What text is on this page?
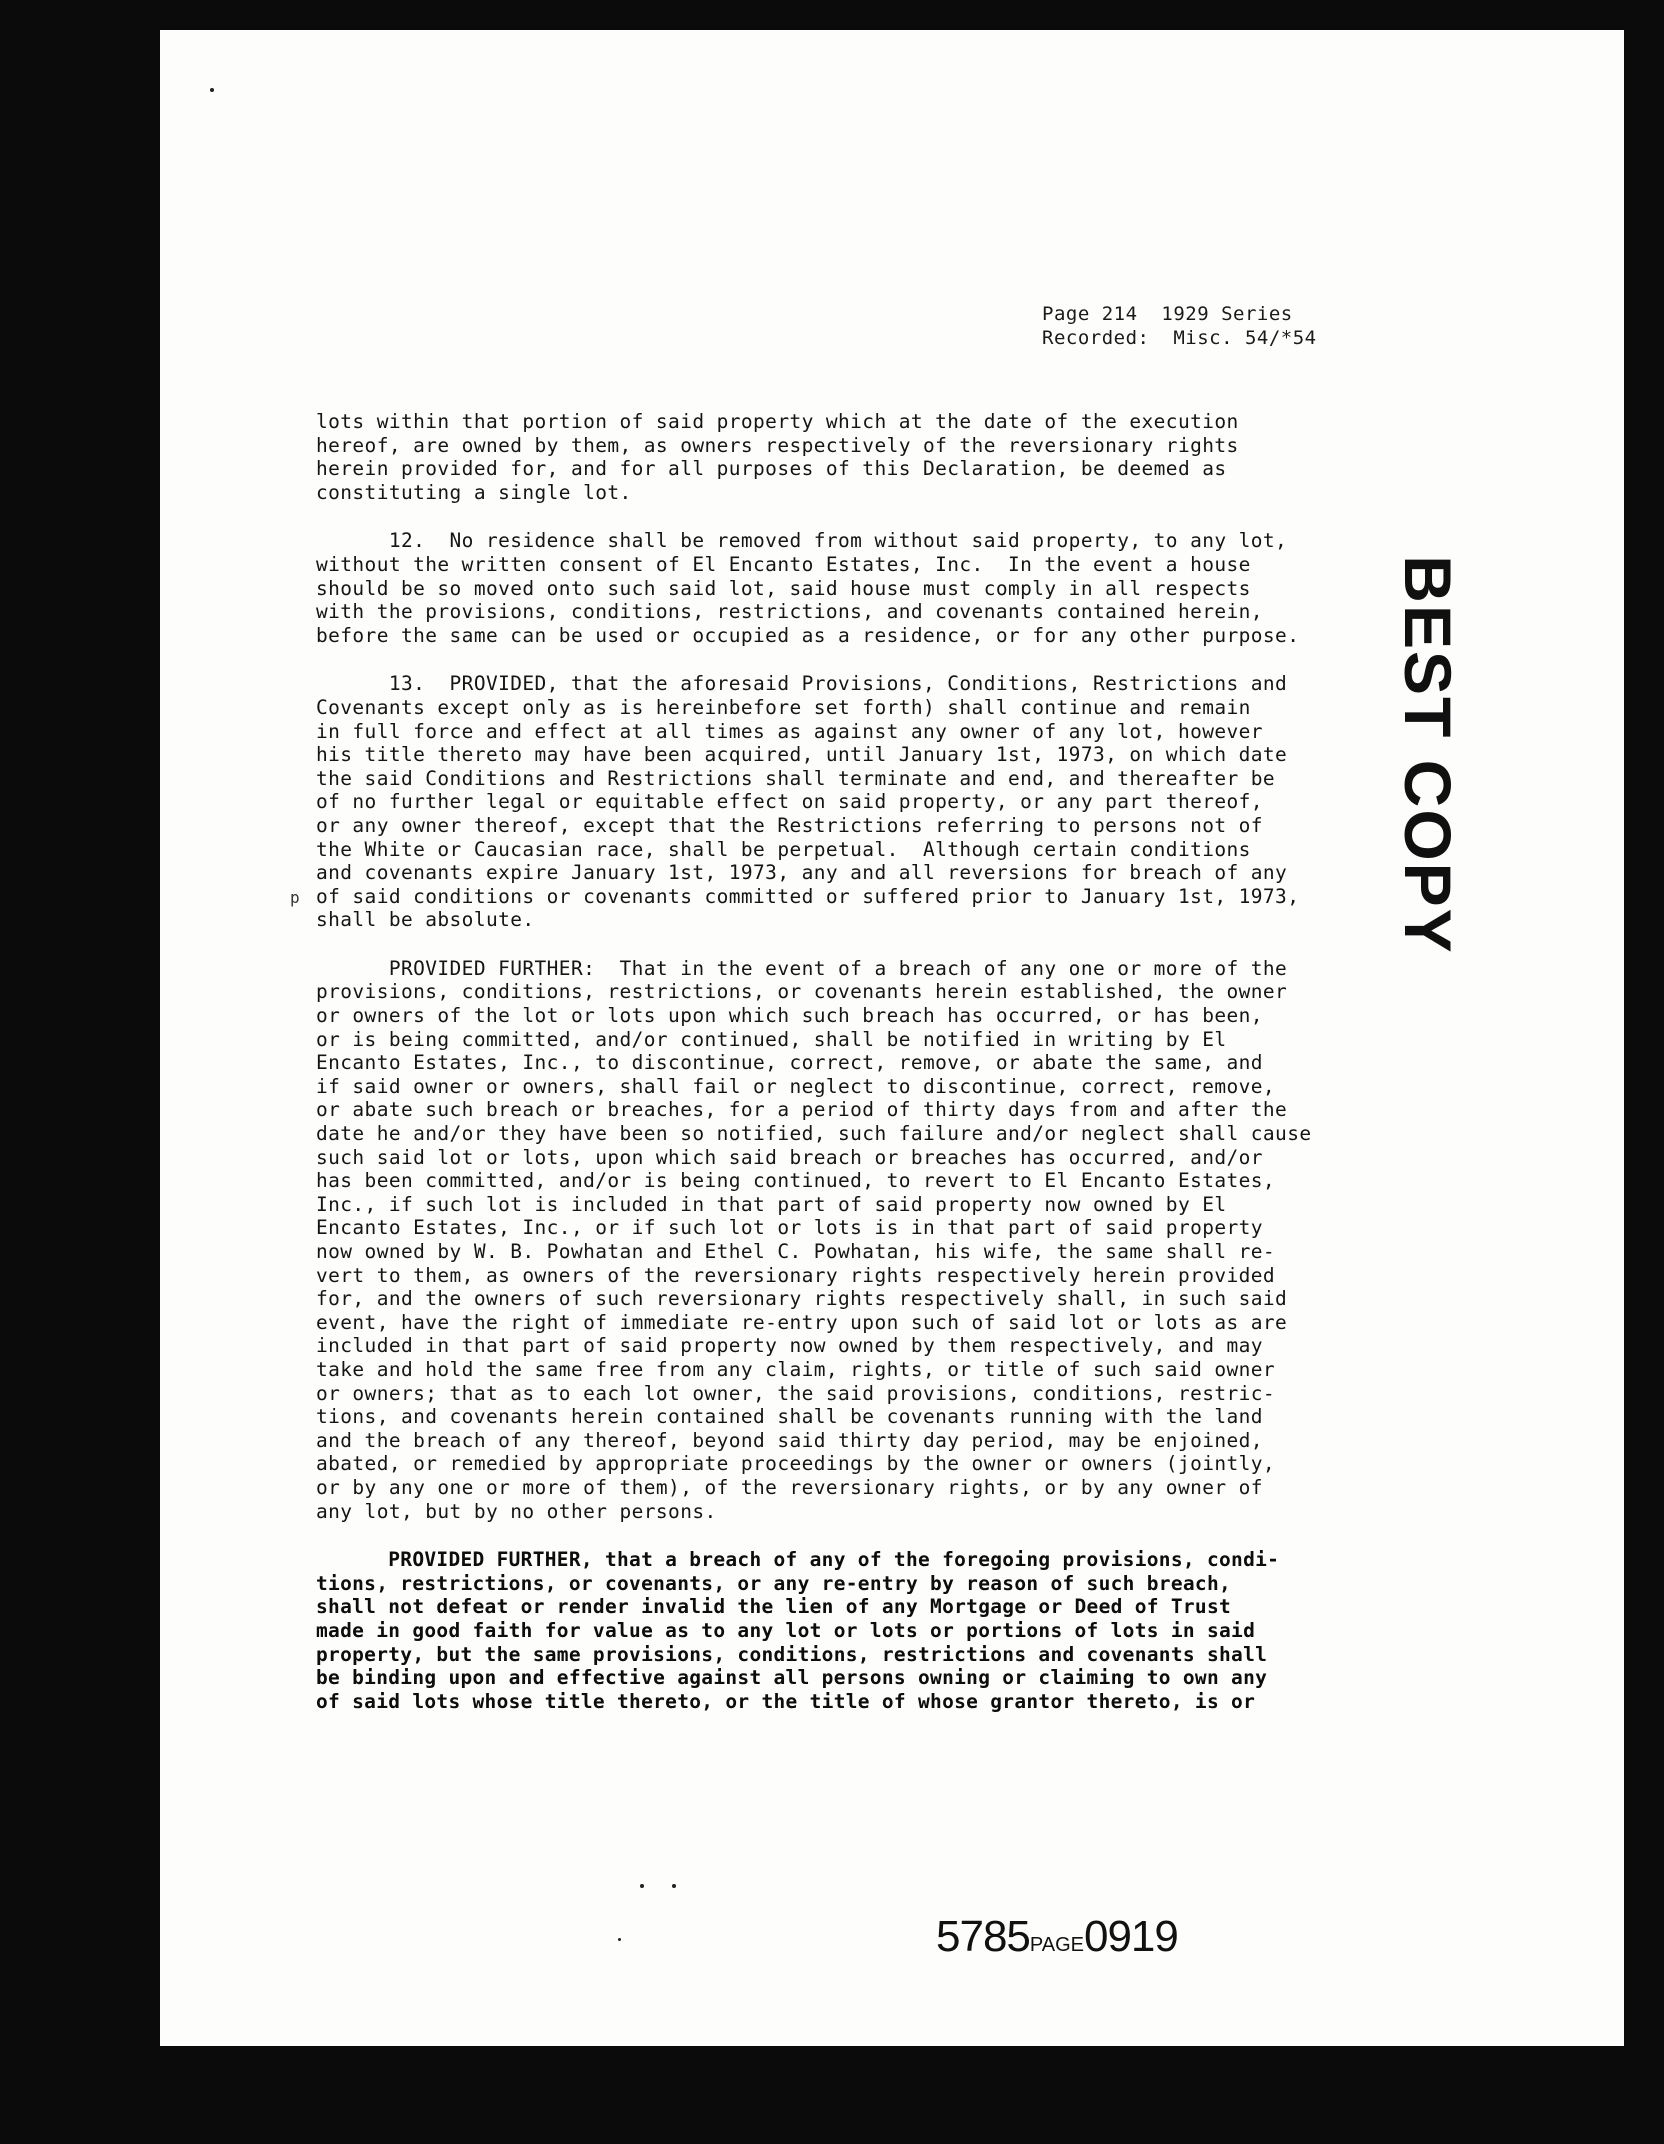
Page 214  1929 Series
Recorded:  Misc. 54/*54
lots within that portion of said property which at the date of the execution
hereof, are owned by them, as owners respectively of the reversionary rights
herein provided for, and for all purposes of this Declaration, be deemed as
constituting a single lot.
12.  No residence shall be removed from without said property, to any lot,
without the written consent of El Encanto Estates, Inc.  In the event a house
should be so moved onto such said lot, said house must comply in all respects
with the provisions, conditions, restrictions, and covenants contained herein,
before the same can be used or occupied as a residence, or for any other purpose.
13.  PROVIDED, that the aforesaid Provisions, Conditions, Restrictions and
Covenants except only as is hereinbefore set forth) shall continue and remain
in full force and effect at all times as against any owner of any lot, however
his title thereto may have been acquired, until January 1st, 1973, on which date
the said Conditions and Restrictions shall terminate and end, and thereafter be
of no further legal or equitable effect on said property, or any part thereof,
or any owner thereof, except that the Restrictions referring to persons not of
the White or Caucasian race, shall be perpetual.  Although certain conditions
and covenants expire January 1st, 1973, any and all reversions for breach of any
of said conditions or covenants committed or suffered prior to January 1st, 1973,
shall be absolute.
PROVIDED FURTHER:  That in the event of a breach of any one or more of the
provisions, conditions, restrictions, or covenants herein established, the owner
or owners of the lot or lots upon which such breach has occurred, or has been,
or is being committed, and/or continued, shall be notified in writing by El
Encanto Estates, Inc., to discontinue, correct, remove, or abate the same, and
if said owner or owners, shall fail or neglect to discontinue, correct, remove,
or abate such breach or breaches, for a period of thirty days from and after the
date he and/or they have been so notified, such failure and/or neglect shall cause
such said lot or lots, upon which said breach or breaches has occurred, and/or
has been committed, and/or is being continued, to revert to El Encanto Estates,
Inc., if such lot is included in that part of said property now owned by El
Encanto Estates, Inc., or if such lot or lots is in that part of said property
now owned by W. B. Powhatan and Ethel C. Powhatan, his wife, the same shall re-
vert to them, as owners of the reversionary rights respectively herein provided
for, and the owners of such reversionary rights respectively shall, in such said
event, have the right of immediate re-entry upon such of said lot or lots as are
included in that part of said property now owned by them respectively, and may
take and hold the same free from any claim, rights, or title of such said owner
or owners; that as to each lot owner, the said provisions, conditions, restric-
tions, and covenants herein contained shall be covenants running with the land
and the breach of any thereof, beyond said thirty day period, may be enjoined,
abated, or remedied by appropriate proceedings by the owner or owners (jointly,
or by any one or more of them), of the reversionary rights, or by any owner of
any lot, but by no other persons.
PROVIDED FURTHER, that a breach of any of the foregoing provisions, condi-
tions, restrictions, or covenants, or any re-entry by reason of such breach,
shall not defeat or render invalid the lien of any Mortgage or Deed of Trust
made in good faith for value as to any lot or lots or portions of lots in said
property, but the same provisions, conditions, restrictions and covenants shall
be binding upon and effective against all persons owning or claiming to own any
of said lots whose title thereto, or the title of whose grantor thereto, is or
p	BEST COPY
5785PAGE0919
